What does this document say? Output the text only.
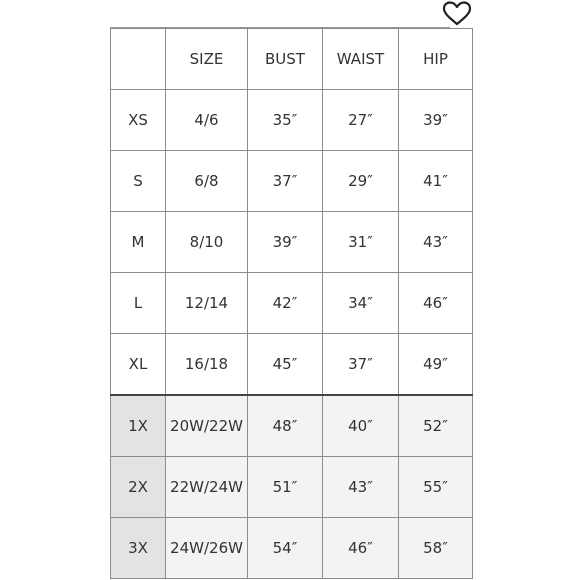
	SIZE	BUST	WAIST	HIP
XS	4/6	35″	27″	39″
S	6/8	37″	29″	41″
M	8/10	39″	31″	43″
L	12/14	42″	34″	46″
XL	16/18	45″	37″	49″
1X	20W/22W	48″	40″	52″
2X	22W/24W	51″	43″	55″
3X	24W/26W	54″	46″	58″
